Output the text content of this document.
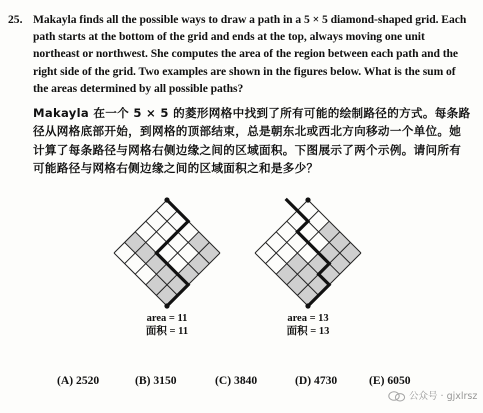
25. Makayla finds all the possible ways to draw a path in a 5 × 5 diamond-shaped grid. Each path starts at the bottom of the grid and ends at the top, always moving one unit northeast or northwest. She computes the area of the region between each path and the right side of the grid. Two examples are shown in the figures below. What is the sum of the areas determined by all possible paths?
Makayla 在一个 5 × 5 的菱形网格中找到了所有可能的绘制路径的方式。每条路径从网格底部开始，到网格的顶部结束，总是朝东北或西北方向移动一个单位。她计算了每条路径与网格右侧边缘之间的区域面积。下图展示了两个示例。请问所有可能路径与网格右侧边缘之间的区域面积之和是多少？
area = 11
面积 = 11
area = 13
面积 = 13
(A) 2520	(B) 3150	(C) 3840	(D) 4730	(E) 6050
公众号 · gjxlrsz
